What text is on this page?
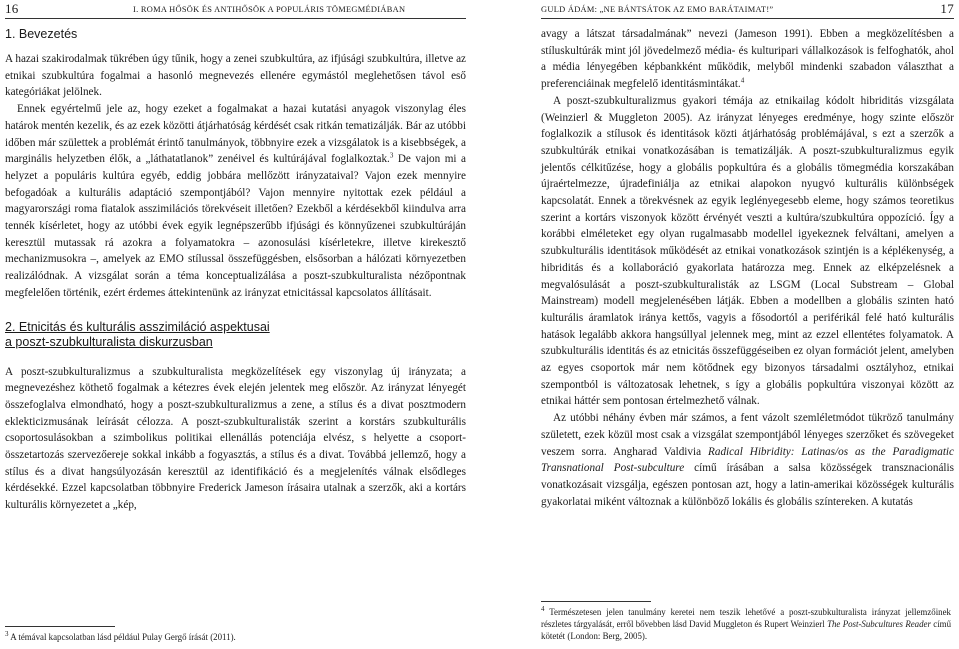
16	I. ROMA HŐSÖK ÉS ANTIHŐSÖK A POPULÁRIS TÖMEGMÉDIÁBAN
1. Bevezetés

A hazai szakirodalmak tükrében úgy tűnik, hogy a zenei szubkultúra, az ifjúsági szubkultúra, illetve az etnikai szubkultúra fogalmai a hasonló megnevezés ellenére egymástól meglehetősen távol eső kategóriákat jelölnek.

Ennek egyértelmű jele az, hogy ezeket a fogalmakat a hazai kutatási anyagok viszonylag éles határok mentén kezelik, és az ezek közötti átjárhatóság kérdését csak ritkán tematizálják. Bár az utóbbi időben már születtek a problémát érintő tanulmányok, többnyire ezek a vizsgálatok is a kisebbségek, a marginális helyzetben élők, a „láthatatlanok” zenéivel és kultúrájával foglalkoztak.$^3$ De vajon mi a helyzet a populáris kultúra egyéb, eddig jobbára mellőzött irányzataival? Vajon ezek mennyire befogadóak a kulturális adaptáció szempontjából? Vajon mennyire nyitottak ezek például a magyarországi roma fiatalok asszimilációs törekvéseit illetően? Ezekből a kérdésekből kiindulva arra tennék kísérletet, hogy az utóbbi évek egyik legnépszerűbb ifjúsági és könnyűzenei szubkultúráján keresztül mutassak rá azokra a folyamatokra – azonosulási kísérletekre, illetve kirekesztő mechanizmusokra –, amelyek az EMO stílussal összefüggésben, elsősorban a hálózati környezetben realizálódnak. A vizsgálat során a téma konceptualizálása a poszt-szubkulturalista nézőpontnak megfelelően történik, ezért érdemes áttekintenünk az irányzat etnicitással kapcsolatos állításait.

2. Etnicitás és kulturális asszimiláció aspektusai
a poszt-szubkulturalista diskurzusban

A poszt-szubkulturalizmus a szubkulturalista megközelítések egy viszonylag új irányzata; a megnevezéshez köthető fogalmak a kétezres évek elején jelentek meg először. Az irányzat lényegét összefoglalva elmondható, hogy a poszt-szubkulturalizmus a zene, a stílus és a divat posztmodern eklekticizmusának leírását célozza. A poszt-szubkulturalisták szerint a korstárs szubkulturális csoportosulásokban a szimbolikus politikai ellenállás potenciája elvész, s helyette a csoport-összetartozás szervezőereje sokkal inkább a fogyasztás, a stílus és a divat. Továbbá jellemző, hogy a stílus és a divat hangsúlyozásán keresztül az identifikáció és a megjelenítés válnak elsődleges kérdésekké. Ezzel kapcsolatban többnyire Frederick Jameson írásaira utalnak a szerzők, aki a kortárs kulturális környezetet a „kép,

$^3$ A témával kapcsolatban lásd például Pulay Gergő írását (2011).
GULD ÁDÁM: „NE BÁNTSÁTOK AZ EMO BARÁTAIMAT!”	17

avagy a látszat társadalmának” nevezi (Jameson 1991). Ebben a megközelítésben a stíluskultúrák mint jól jövedelmező média- és kulturipari vállalkozások is felfoghatók, ahol a média lényegében képbankként működik, melyből mindenki szabadon választhat a preferenciáinak megfelelő identitásmintákat.$^4$

A poszt-szubkulturalizmus gyakori témája az etnikailag kódolt hibriditás vizsgálata (Weinzierl & Muggleton 2005). Az irányzat lényeges eredménye, hogy szinte először foglalkozik a stílusok és identitások közti átjárhatóság problémájával, s ezt a szerzők a szubkultúrák etnikai vonatkozásában is tematizálják. A poszt-szubkulturalizmus egyik jelentős célkitűzése, hogy a globális popkultúra és a globális tömegmédia korszakában újraértelmezze, újradefiniálja az etnikai alapokon nyugvó kulturális különbségek kapcsolatát. Ennek a törekvésnek az egyik leglényegesebb eleme, hogy számos teoretikus szerint a kortárs viszonyok között érvényét veszti a kultúra/szubkultúra oppozíció. Így a korábbi elméleteket egy olyan rugalmasabb modellel igyekeznek felváltani, amelyen a szubkulturális identitások működését az etnikai vonatkozások szintjén is a képlékenység, a hibriditás és a kollaboráció gyakorlata határozza meg. Ennek az elképzelésnek a megvalósulását a poszt-szubkulturalisták az LSGM (Local Substream – Global Mainstream) modell megjelenésében látják. Ebben a modellben a globális szinten ható kulturális áramlatok iránya kettős, vagyis a fősodortól a periférikál felé ható kulturális hatások legalább akkora hangsúllyal jelennek meg, mint az ezzel ellentétes folyamatok. A szubkulturális identitás és az etnicitás összefüggéseiben ez olyan formációt jelent, amelyben az egyes csoportok már nem kötődnek egy bizonyos társadalmi osztályhoz, etnikai szempontból is változatosak lehetnek, s így a globális popkultúra viszonyai között az etnikai háttér sem pontosan értelmezhető válnak.

Az utóbbi néhány évben már számos, a fent vázolt szemléletmódot tükröző tanulmány született, ezek közül most csak a vizsgálat szempontjából lényeges szerzőket és szövegeket veszem sorra. Angharad Valdivia Radical Hibridity: Latinas/os as the Paradigmatic Transnational Post-subculture című írásában a salsa közösségek transznacionális vonatkozásait vizsgálja, egészen pontosan azt, hogy a latin-amerikai közösségek kulturális gyakorlatai miként változnak a különböző lokális és globális színtereken. A kutatás

$^4$ Természetesen jelen tanulmány keretei nem teszik lehetővé a poszt-szubkulturalista irányzat jellemzőinek részletes tárgyalását, erről bővebben lásd David Muggleton és Rupert Weinzierl The Post-Subcultures Reader című kötetét (London: Berg, 2005).
